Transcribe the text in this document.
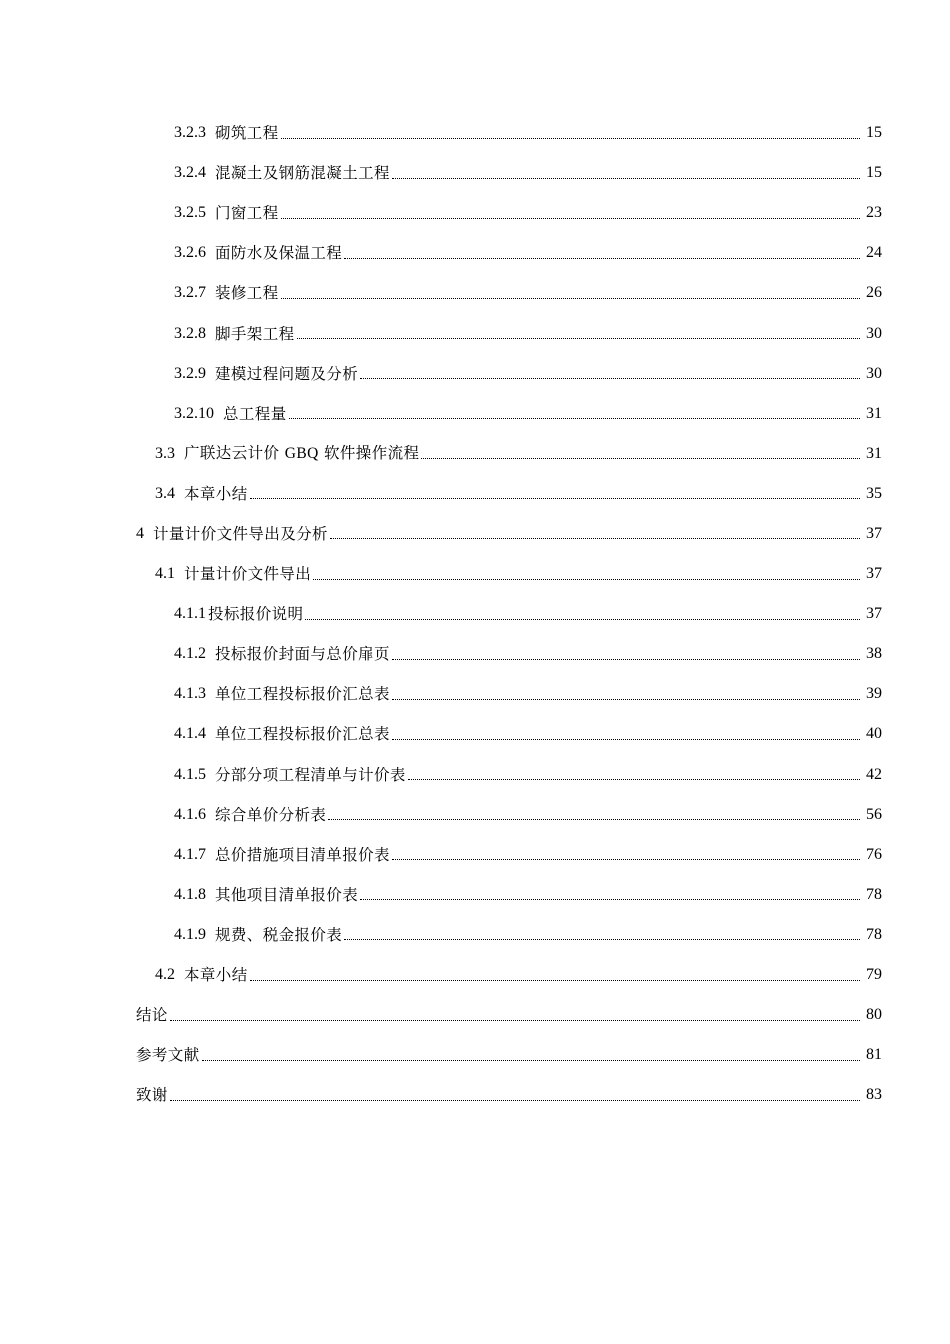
3.2.3 砌筑工程	15
3.2.4 混凝土及钢筋混凝土工程	15
3.2.5 门窗工程	23
3.2.6 面防水及保温工程	24
3.2.7 装修工程	26
3.2.8 脚手架工程	30
3.2.9 建模过程问题及分析	30
3.2.10 总工程量	31
3.3 广联达云计价 GBQ 软件操作流程	31
3.4 本章小结	35
4 计量计价文件导出及分析	37
4.1 计量计价文件导出	37
4.1.1 投标报价说明	37
4.1.2 投标报价封面与总价扉页	38
4.1.3 单位工程投标报价汇总表	39
4.1.4 单位工程投标报价汇总表	40
4.1.5 分部分项工程清单与计价表	42
4.1.6 综合单价分析表	56
4.1.7 总价措施项目清单报价表	76
4.1.8 其他项目清单报价表	78
4.1.9 规费、税金报价表	78
4.2 本章小结	79
结论	80
参考文献	81
致谢	83
